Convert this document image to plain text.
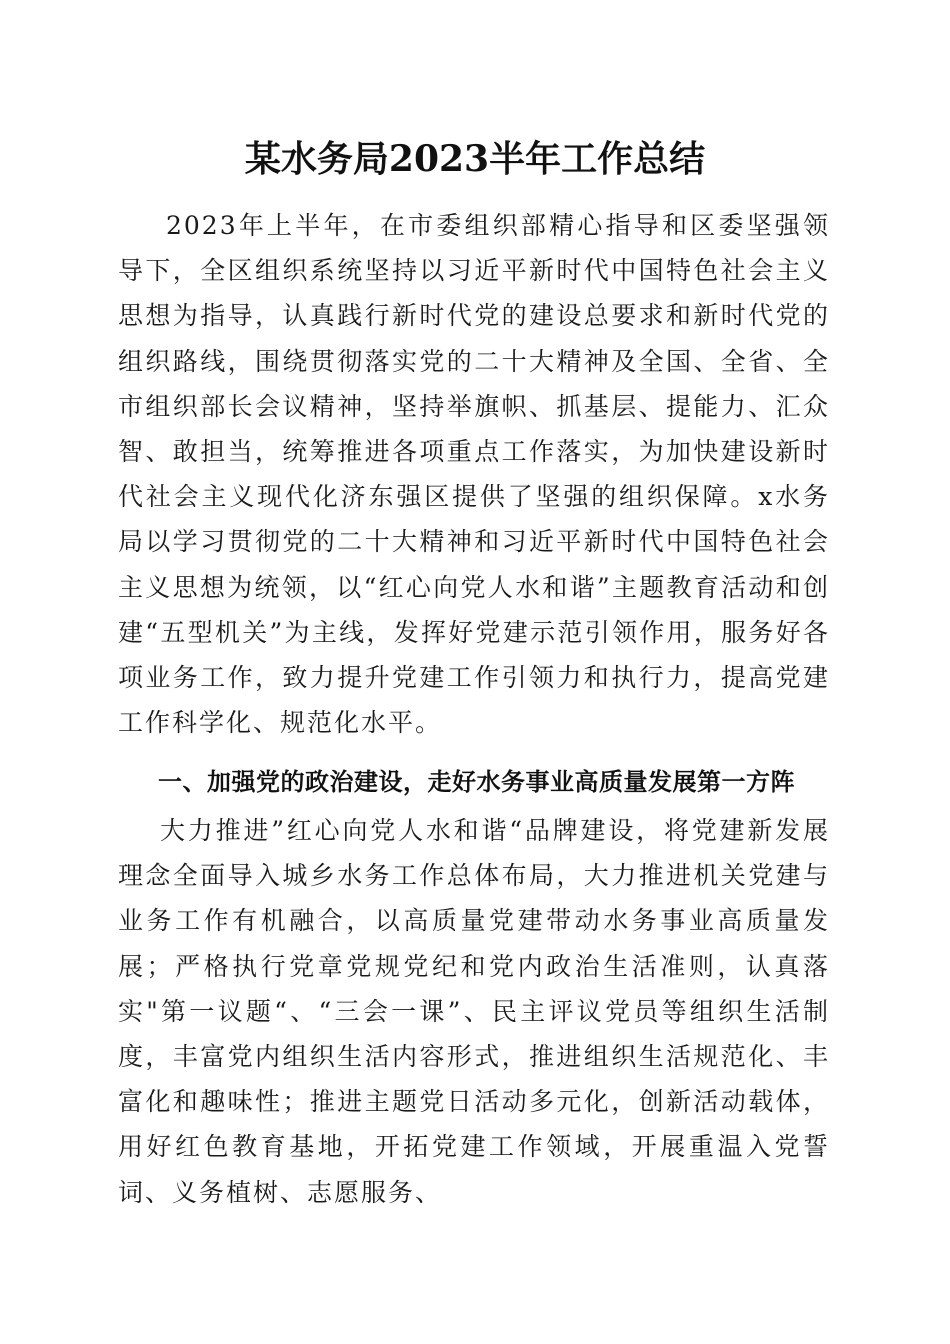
某水务局2023半年工作总结
2023年上半年，在市委组织部精心指导和区委坚强领导下，全区组织系统坚持以习近平新时代中国特色社会主义思想为指导，认真践行新时代党的建设总要求和新时代党的组织路线，围绕贯彻落实党的二十大精神及全国、全省、全市组织部长会议精神，坚持举旗帜、抓基层、提能力、汇众智、敢担当，统筹推进各项重点工作落实，为加快建设新时代社会主义现代化济东强区提供了坚强的组织保障。x水务局以学习贯彻党的二十大精神和习近平新时代中国特色社会主义思想为统领，以“红心向党人水和谐”主题教育活动和创建“五型机关”为主线，发挥好党建示范引领作用，服务好各项业务工作，致力提升党建工作引领力和执行力，提高党建工作科学化、规范化水平。
一、加强党的政治建设，走好水务事业高质量发展第一方阵
大力推进”红心向党人水和谐“品牌建设，将党建新发展理念全面导入城乡水务工作总体布局，大力推进机关党建与业务工作有机融合，以高质量党建带动水务事业高质量发展；严格执行党章党规党纪和党内政治生活准则，认真落实"第一议题“、“三会一课”、民主评议党员等组织生活制度，丰富党内组织生活内容形式，推进组织生活规范化、丰富化和趣味性；推进主题党日活动多元化，创新活动载体，用好红色教育基地，开拓党建工作领域，开展重温入党誓词、义务植树、志愿服务、
